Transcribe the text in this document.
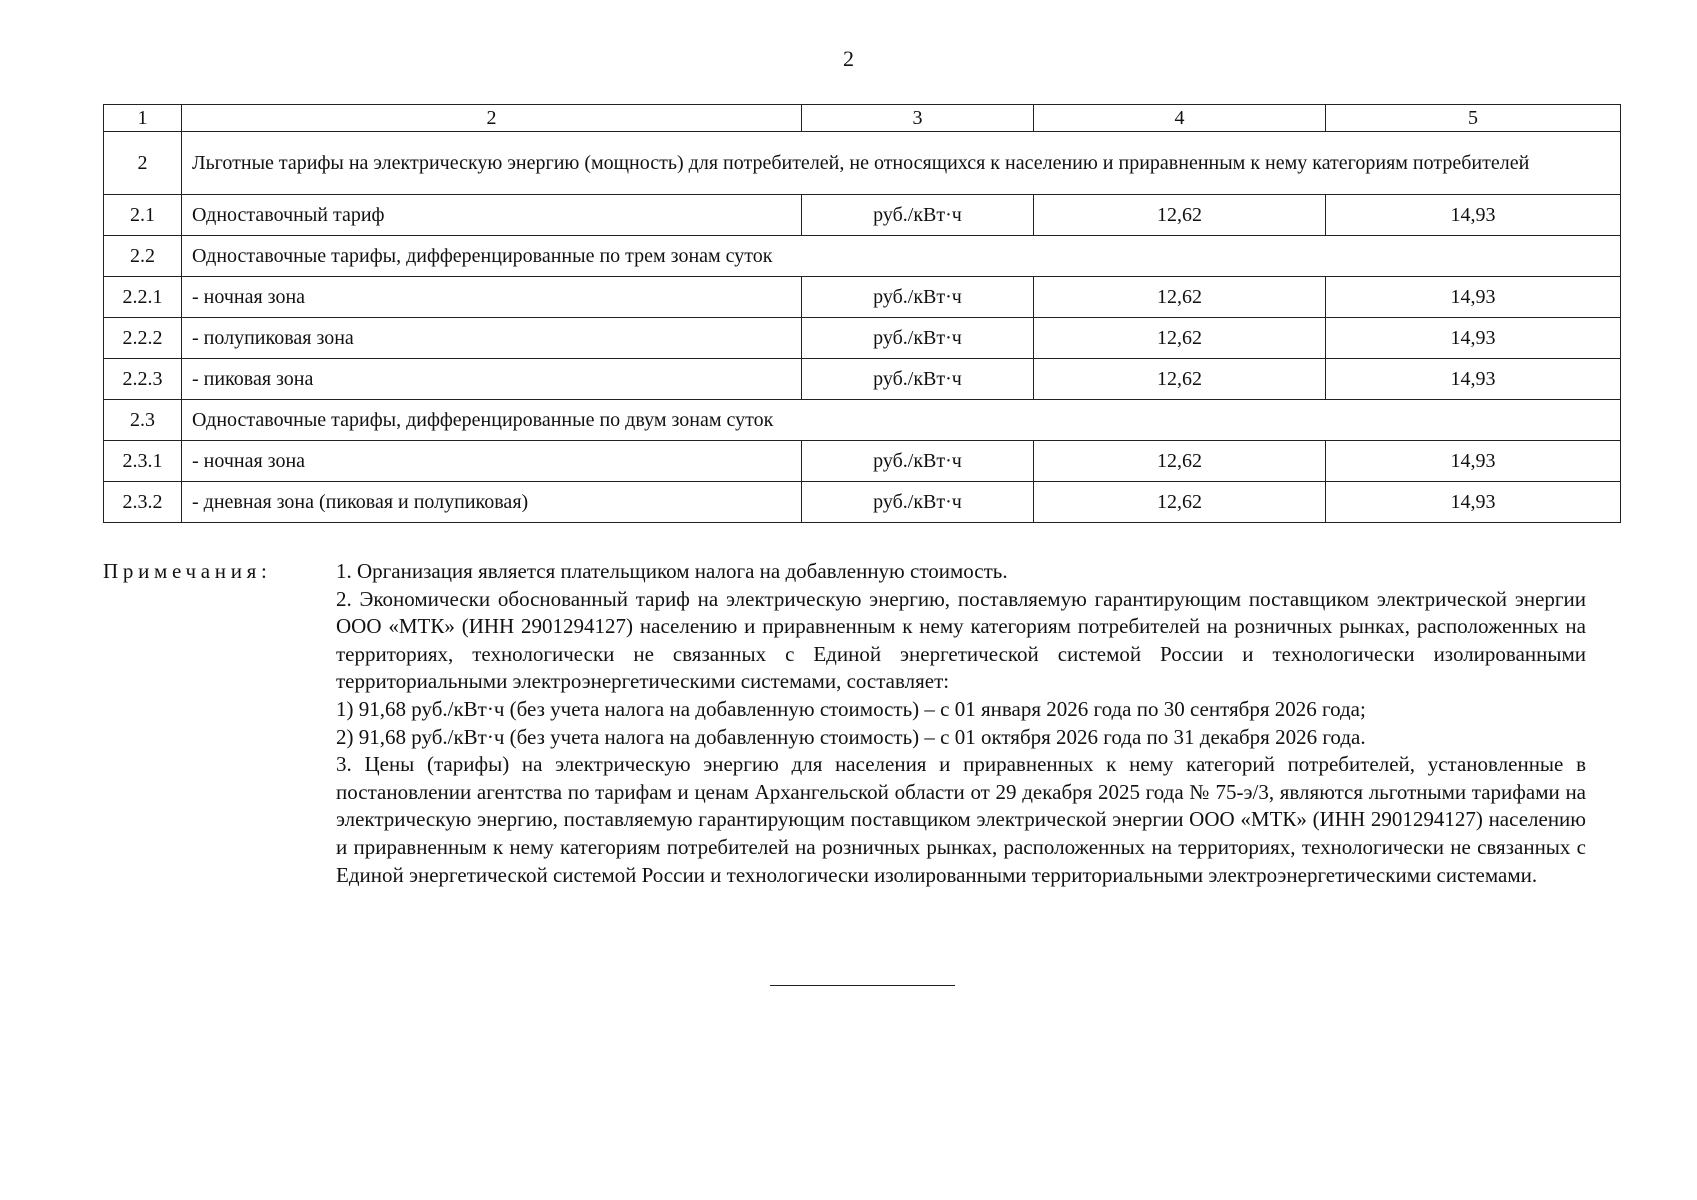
2
1	2	3	4	5
2	Льготные тарифы на электрическую энергию (мощность) для потребителей, не относящихся к населению и приравненным к нему категориям потребителей			
2.1	Одноставочный тариф	руб./кВт·ч	12,62	14,93
2.2	Одноставочные тарифы, дифференцированные по трем зонам суток			
2.2.1	- ночная зона	руб./кВт·ч	12,62	14,93
2.2.2	- полупиковая зона	руб./кВт·ч	12,62	14,93
2.2.3	- пиковая зона	руб./кВт·ч	12,62	14,93
2.3	Одноставочные тарифы, дифференцированные по двум зонам суток			
2.3.1	- ночная зона	руб./кВт·ч	12,62	14,93
2.3.2	- дневная зона (пиковая и полупиковая)	руб./кВт·ч	12,62	14,93
Примечания:	1. Организация является плательщиком налога на добавленную стоимость.

2. Экономически обоснованный тариф на электрическую энергию, поставляемую гарантирующим поставщиком электрической энергии ООО «МТК» (ИНН 2901294127) населению и приравненным к нему категориям потребителей на розничных рынках, расположенных на территориях, технологически не связанных с Единой энергетической системой России и технологически изолированными территориальными электроэнергетическими системами, составляет:

1) 91,68 руб./кВт·ч (без учета налога на добавленную стоимость) – с 01 января 2026 года по 30 сентября 2026 года;

2) 91,68 руб./кВт·ч (без учета налога на добавленную стоимость) – с 01 октября 2026 года по 31 декабря 2026 года.

3. Цены (тарифы) на электрическую энергию для населения и приравненных к нему категорий потребителей, установленные в постановлении агентства по тарифам и ценам Архангельской области от 29 декабря 2025 года № 75-э/3, являются льготными тарифами на электрическую энергию, поставляемую гарантирующим поставщиком электрической энергии ООО «МТК» (ИНН 2901294127) населению и приравненным к нему категориям потребителей на розничных рынках, расположенных на территориях, технологически не связанных с Единой энергетической системой России и технологически изолированными территориальными электроэнергетическими системами.
